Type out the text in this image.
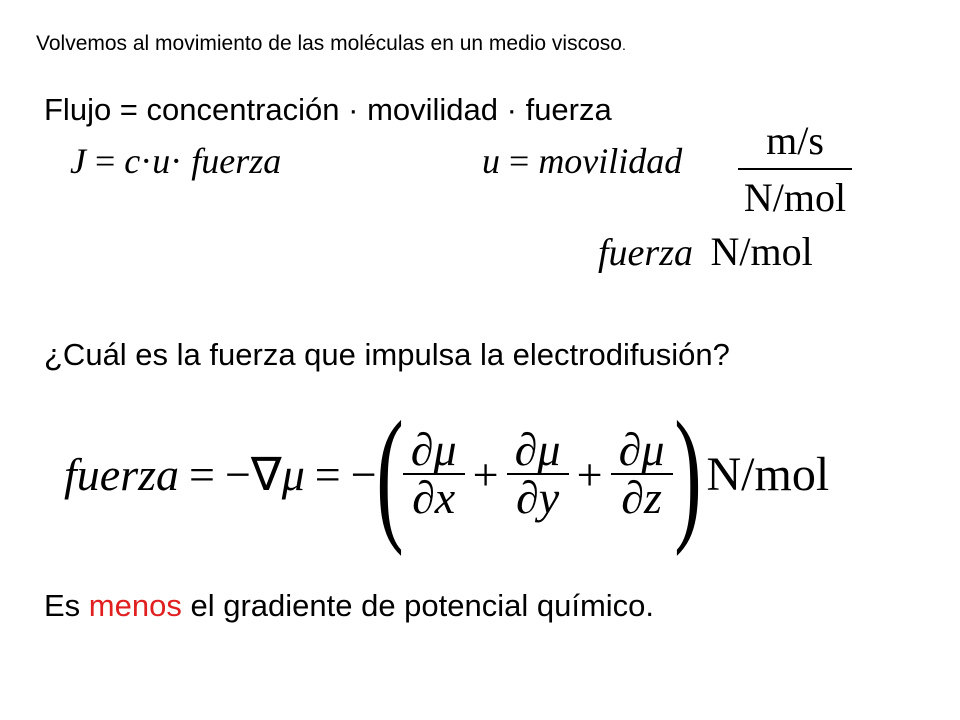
Volvemos al movimiento de las moléculas en un medio viscoso.
Flujo = concentración · movilidad · fuerza
J = c·u· fuerza	u = movilidad	m/s
N/mol
fuerza N/mol
¿Cuál es la fuerza que impulsa la electrodifusión?
fuerza = − ∇ μ = − ( $\frac{\partial\mu}{\partial x} + \frac{\partial\mu}{\partial y} + \frac{\partial\mu}{\partial z}$ ) N/mol
Es menos el gradiente de potencial químico.
